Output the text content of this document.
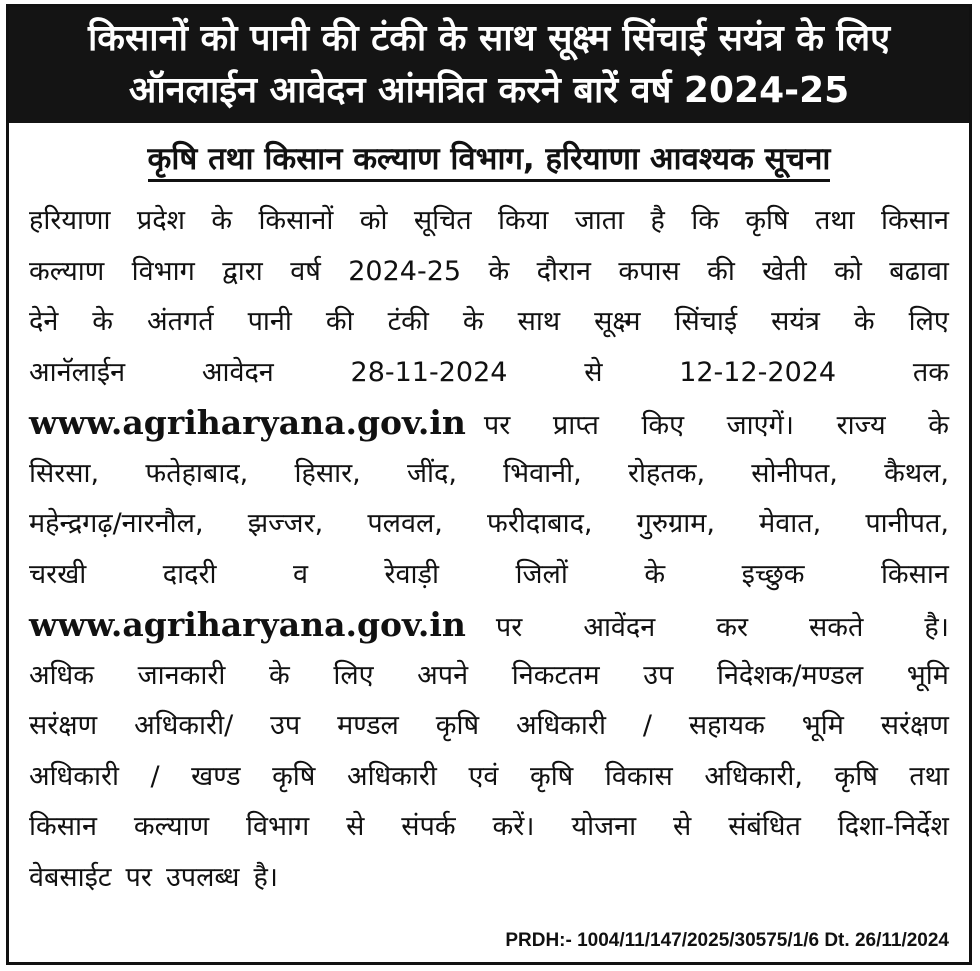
किसानों को पानी की टंकी के साथ सूक्ष्म सिंचाई सयंत्र के लिए
ऑनलाईन आवेदन आंमत्रित करने बारें वर्ष 2024-25
कृषि तथा किसान कल्याण विभाग, हरियाणा आवश्यक सूचना
हरियाणा प्रदेश के किसानों को सूचित किया जाता है कि कृषि तथा किसान
कल्याण विभाग द्वारा वर्ष 2024-25 के दौरान कपास की खेती को बढावा
देने के अंतगर्त पानी की टंकी के साथ सूक्ष्म सिंचाई सयंत्र के लिए
आनॅलाईन	आवेदन	28-11-2024	से	12-12-2024	तक
www.agriharyana.gov.in पर प्राप्त किए जाएगें। राज्य के
सिरसा, फतेहाबाद, हिसार, जींद, भिवानी, रोहतक, सोनीपत, कैथल,
महेन्द्रगढ़/नारनौल, झज्जर, पलवल, फरीदाबाद, गुरुग्राम, मेवात, पानीपत,
चरखी	दादरी	व	रेवाड़ी	जिलों	के	इच्छुक	किसान
www.agriharyana.gov.in पर आवेंदन कर सकते है।
अधिक जानकारी के लिए अपने निकटतम उप निदेशक/मण्डल भूमि
सरंक्षण अधिकारी/ उप मण्डल कृषि अधिकारी / सहायक भूमि सरंक्षण
अधिकारी / खण्ड कृषि अधिकारी एवं कृषि विकास अधिकारी, कृषि तथा
किसान कल्याण विभाग से संपर्क करें। योजना से संबंधित दिशा-निर्देश
वेबसाईट पर उपलब्ध है।
PRDH:- 1004/11/147/2025/30575/1/6 Dt. 26/11/2024
